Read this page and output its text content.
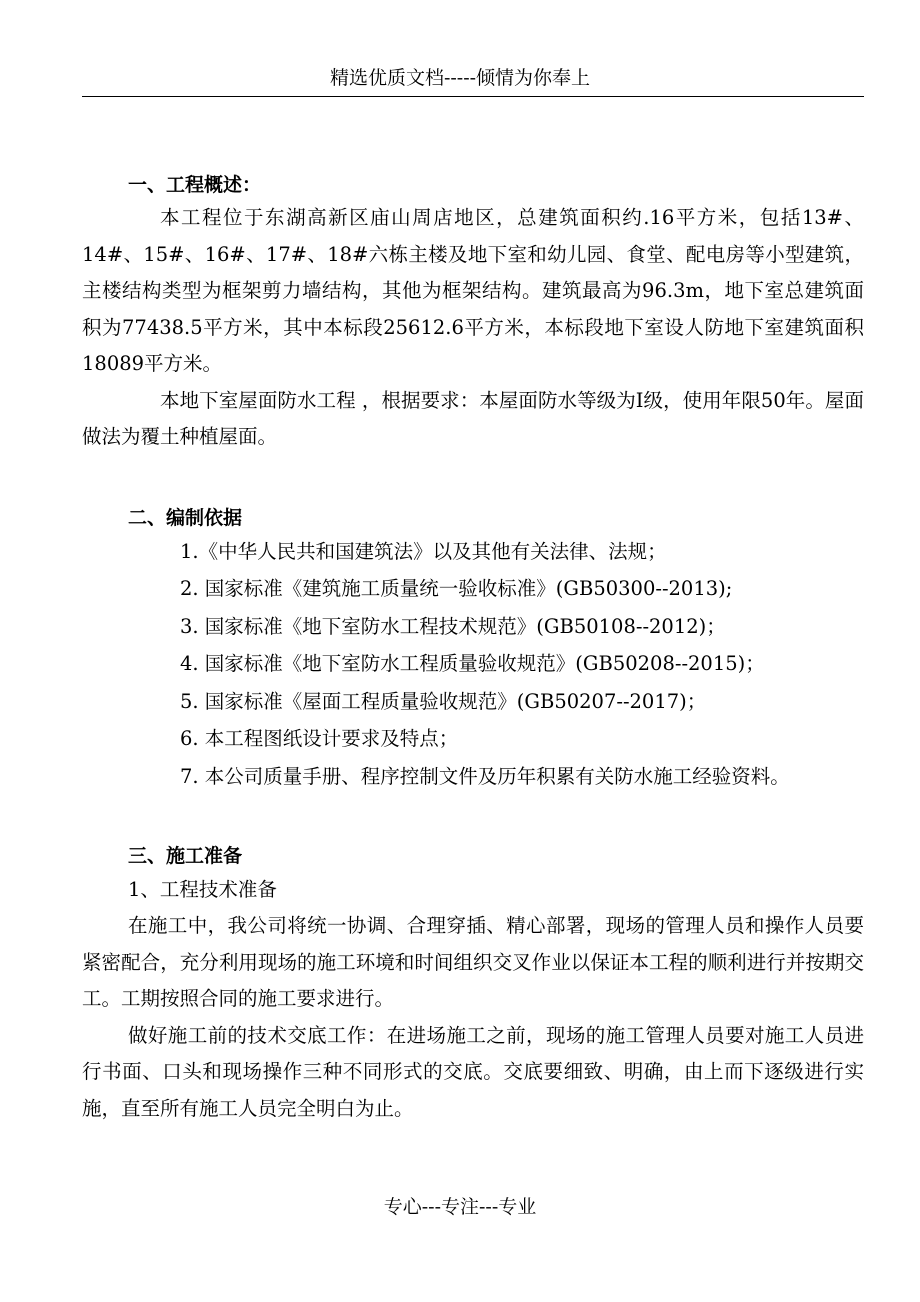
精选优质文档-----倾情为你奉上
一、工程概述：

本工程位于东湖高新区庙山周店地区，总建筑面积约.16平方米，包括13#、14#、15#、16#、17#、18#六栋主楼及地下室和幼儿园、食堂、配电房等小型建筑，主楼结构类型为框架剪力墙结构，其他为框架结构。建筑最高为96.3m，地下室总建筑面积为77438.5平方米，其中本标段25612.6平方米，本标段地下室设人防地下室建筑面积18089平方米。

本地下室屋面防水工程 ，根据要求：本屋面防水等级为I级，使用年限50年。屋面做法为覆土种植屋面。

二、编制依据
1.《中华人民共和国建筑法》以及其他有关法律、法规；
2. 国家标准《建筑施工质量统一验收标准》(GB50300--2013);
3. 国家标准《地下室防水工程技术规范》(GB50108--2012)；
4. 国家标准《地下室防水工程质量验收规范》(GB50208--2015)；
5. 国家标准《屋面工程质量验收规范》(GB50207--2017)；
6. 本工程图纸设计要求及特点；
7. 本公司质量手册、程序控制文件及历年积累有关防水施工经验资料。
三、施工准备

1、工程技术准备

在施工中，我公司将统一协调、合理穿插、精心部署，现场的管理人员和操作人员要紧密配合，充分利用现场的施工环境和时间组织交叉作业以保证本工程的顺利进行并按期交工。工期按照合同的施工要求进行。

做好施工前的技术交底工作：在进场施工之前，现场的施工管理人员要对施工人员进行书面、口头和现场操作三种不同形式的交底。交底要细致、明确，由上而下逐级进行实施，直至所有施工人员完全明白为止。

专心---专注---专业
